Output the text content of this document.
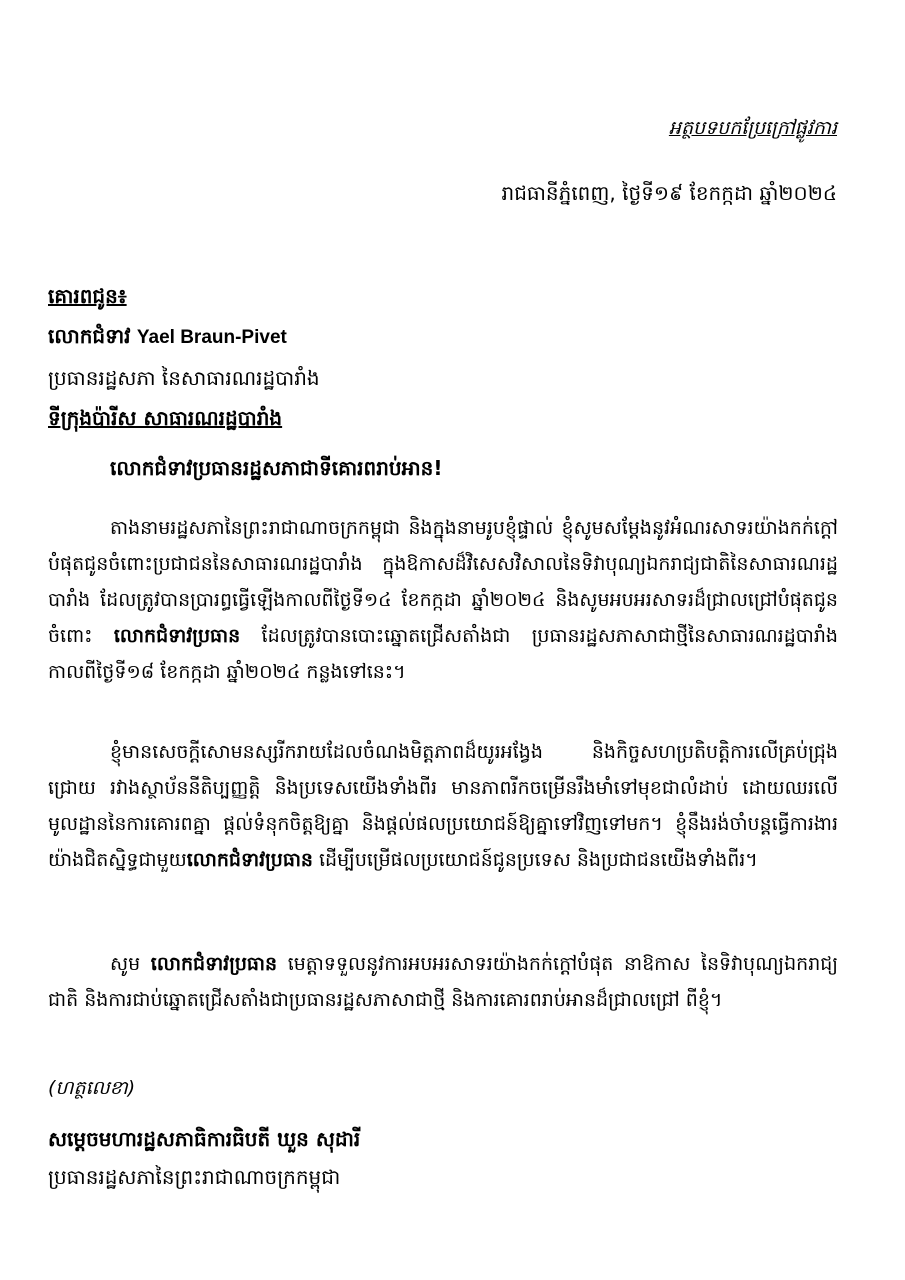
អត្ថបទបកប្រែក្រៅផ្លូវការ
រាជធានីភ្នំពេញ, ថ្ងៃទី១៩ ខែកក្កដា ឆ្នាំ២០២៤
គោរពជូន៖
លោកជំទាវ Yael Braun-Pivet
ប្រធានរដ្ឋសភា នៃសាធារណរដ្ឋបារាំង
ទីក្រុងប៉ារីស សាធារណរដ្ឋបារាំង
លោកជំទាវប្រធានរដ្ឋសភាជាទីគោរពរាប់អាន!
តាងនាមរដ្ឋសភានៃព្រះរាជាណាចក្រកម្ពុជា និងក្នុងនាមរូបខ្ញុំផ្ទាល់ ខ្ញុំសូមសម្តែងនូវអំណរសាទរយ៉ាងកក់ក្តៅបំផុតជូនចំពោះប្រជាជននៃសាធារណរដ្ឋបារាំង ក្នុងឱកាសដ៏វិសេសវិសាលនៃទិវាបុណ្យឯករាជ្យជាតិនៃសាធារណរដ្ឋបារាំង ដែលត្រូវបានប្រារព្ធធ្វើឡើងកាលពីថ្ងៃទី១៤ ខែកក្កដា ឆ្នាំ២០២៤ និងសូមអបអរសាទរដ៏ជ្រាលជ្រៅបំផុតជូនចំពោះ លោកជំទាវប្រធាន ដែលត្រូវបានបោះឆ្នោតជ្រើសតាំងជា ប្រធានរដ្ឋសភាសាជាថ្មីនៃសាធារណរដ្ឋបារាំង កាលពីថ្ងៃទី១៨ ខែកក្កដា ឆ្នាំ២០២៤ កន្លងទៅនេះ។
ខ្ញុំមានសេចក្តីសោមនស្សរីករាយដែលចំណងមិត្តភាពដ៏យូរអង្វែង និងកិច្ចសហប្រតិបត្តិការលើគ្រប់ជ្រុងជ្រោយ រវាងស្ថាប័ននីតិប្បញ្ញត្តិ និងប្រទេសយើងទាំងពីរ មានភាពរីកចម្រើនរឹងមាំទៅមុខជាលំដាប់ ដោយឈរលើមូលដ្ឋាននៃការគោរពគ្នា ផ្តល់ទំនុកចិត្តឱ្យគ្នា និងផ្តល់ផលប្រយោជន៍ឱ្យគ្នាទៅវិញទៅមក។ ខ្ញុំនឹងរង់ចាំបន្តធ្វើការងារយ៉ាងជិតស្និទ្ធជាមួយលោកជំទាវប្រធាន ដើម្បីបម្រើផលប្រយោជន៍ជូនប្រទេស និងប្រជាជនយើងទាំងពីរ។
សូម លោកជំទាវប្រធាន មេត្តាទទួលនូវការអបអរសាទរយ៉ាងកក់ក្តៅបំផុត នាឱកាស នៃទិវាបុណ្យឯករាជ្យជាតិ និងការជាប់ឆ្នោតជ្រើសតាំងជាប្រធានរដ្ឋសភាសាជាថ្មី និងការគោរពរាប់អានដ៏ជ្រាលជ្រៅ ពីខ្ញុំ។
(ហត្ថលេខា)
សម្តេចមហារដ្ឋសភាធិការធិបតី ឃួន សុដារី
ប្រធានរដ្ឋសភានៃព្រះរាជាណាចក្រកម្ពុជា
